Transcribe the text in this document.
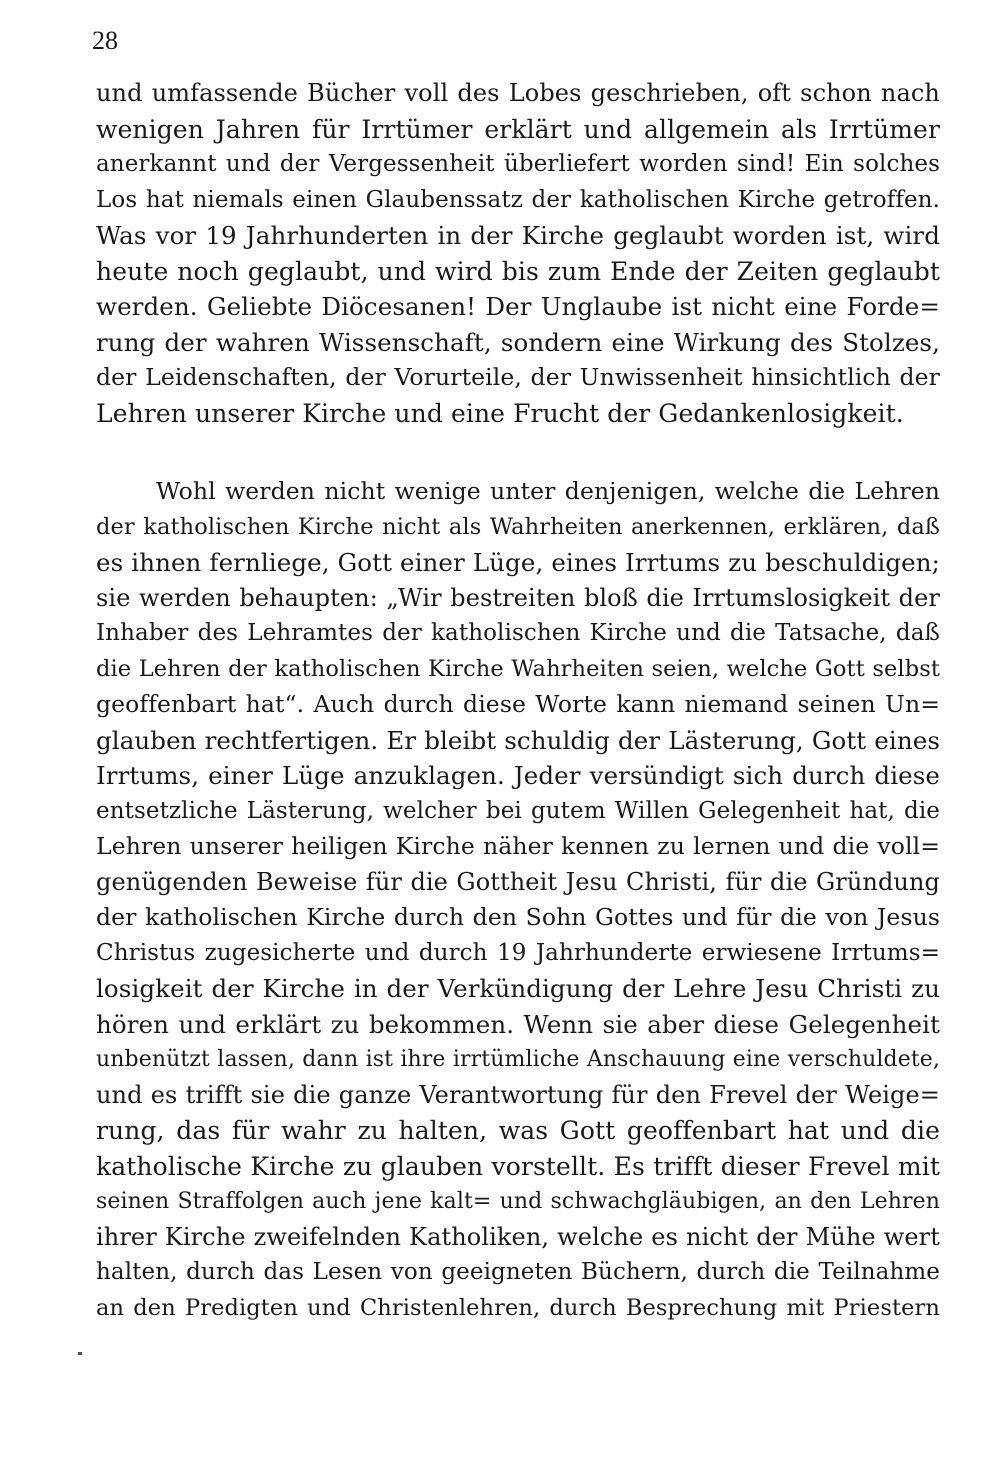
28
und umfassende Bücher voll des Lobes geschrieben, oft schon nach
wenigen Jahren für Irrtümer erklärt und allgemein als Irrtümer
anerkannt und der Vergessenheit überliefert worden sind! Ein solches
Los hat niemals einen Glaubenssatz der katholischen Kirche getroffen.
Was vor 19 Jahrhunderten in der Kirche geglaubt worden ist, wird
heute noch geglaubt, und wird bis zum Ende der Zeiten geglaubt
werden. Geliebte Diöcesanen! Der Unglaube ist nicht eine Forde=
rung der wahren Wissenschaft, sondern eine Wirkung des Stolzes,
der Leidenschaften, der Vorurteile, der Unwissenheit hinsichtlich der
Lehren unserer Kirche und eine Frucht der Gedankenlosigkeit.
Wohl werden nicht wenige unter denjenigen, welche die Lehren
der katholischen Kirche nicht als Wahrheiten anerkennen, erklären, daß
es ihnen fernliege, Gott einer Lüge, eines Irrtums zu beschuldigen;
sie werden behaupten: „Wir bestreiten bloß die Irrtumslosigkeit der
Inhaber des Lehramtes der katholischen Kirche und die Tatsache, daß
die Lehren der katholischen Kirche Wahrheiten seien, welche Gott selbst
geoffenbart hat“. Auch durch diese Worte kann niemand seinen Un=
glauben rechtfertigen. Er bleibt schuldig der Lästerung, Gott eines
Irrtums, einer Lüge anzuklagen. Jeder versündigt sich durch diese
entsetzliche Lästerung, welcher bei gutem Willen Gelegenheit hat, die
Lehren unserer heiligen Kirche näher kennen zu lernen und die voll=
genügenden Beweise für die Gottheit Jesu Christi, für die Gründung
der katholischen Kirche durch den Sohn Gottes und für die von Jesus
Christus zugesicherte und durch 19 Jahrhunderte erwiesene Irrtums=
losigkeit der Kirche in der Verkündigung der Lehre Jesu Christi zu
hören und erklärt zu bekommen. Wenn sie aber diese Gelegenheit
unbenützt lassen, dann ist ihre irrtümliche Anschauung eine verschuldete,
und es trifft sie die ganze Verantwortung für den Frevel der Weige=
rung, das für wahr zu halten, was Gott geoffenbart hat und die
katholische Kirche zu glauben vorstellt. Es trifft dieser Frevel mit
seinen Straffolgen auch jene kalt= und schwachgläubigen, an den Lehren
ihrer Kirche zweifelnden Katholiken, welche es nicht der Mühe wert
halten, durch das Lesen von geeigneten Büchern, durch die Teilnahme
an den Predigten und Christenlehren, durch Besprechung mit Priestern
